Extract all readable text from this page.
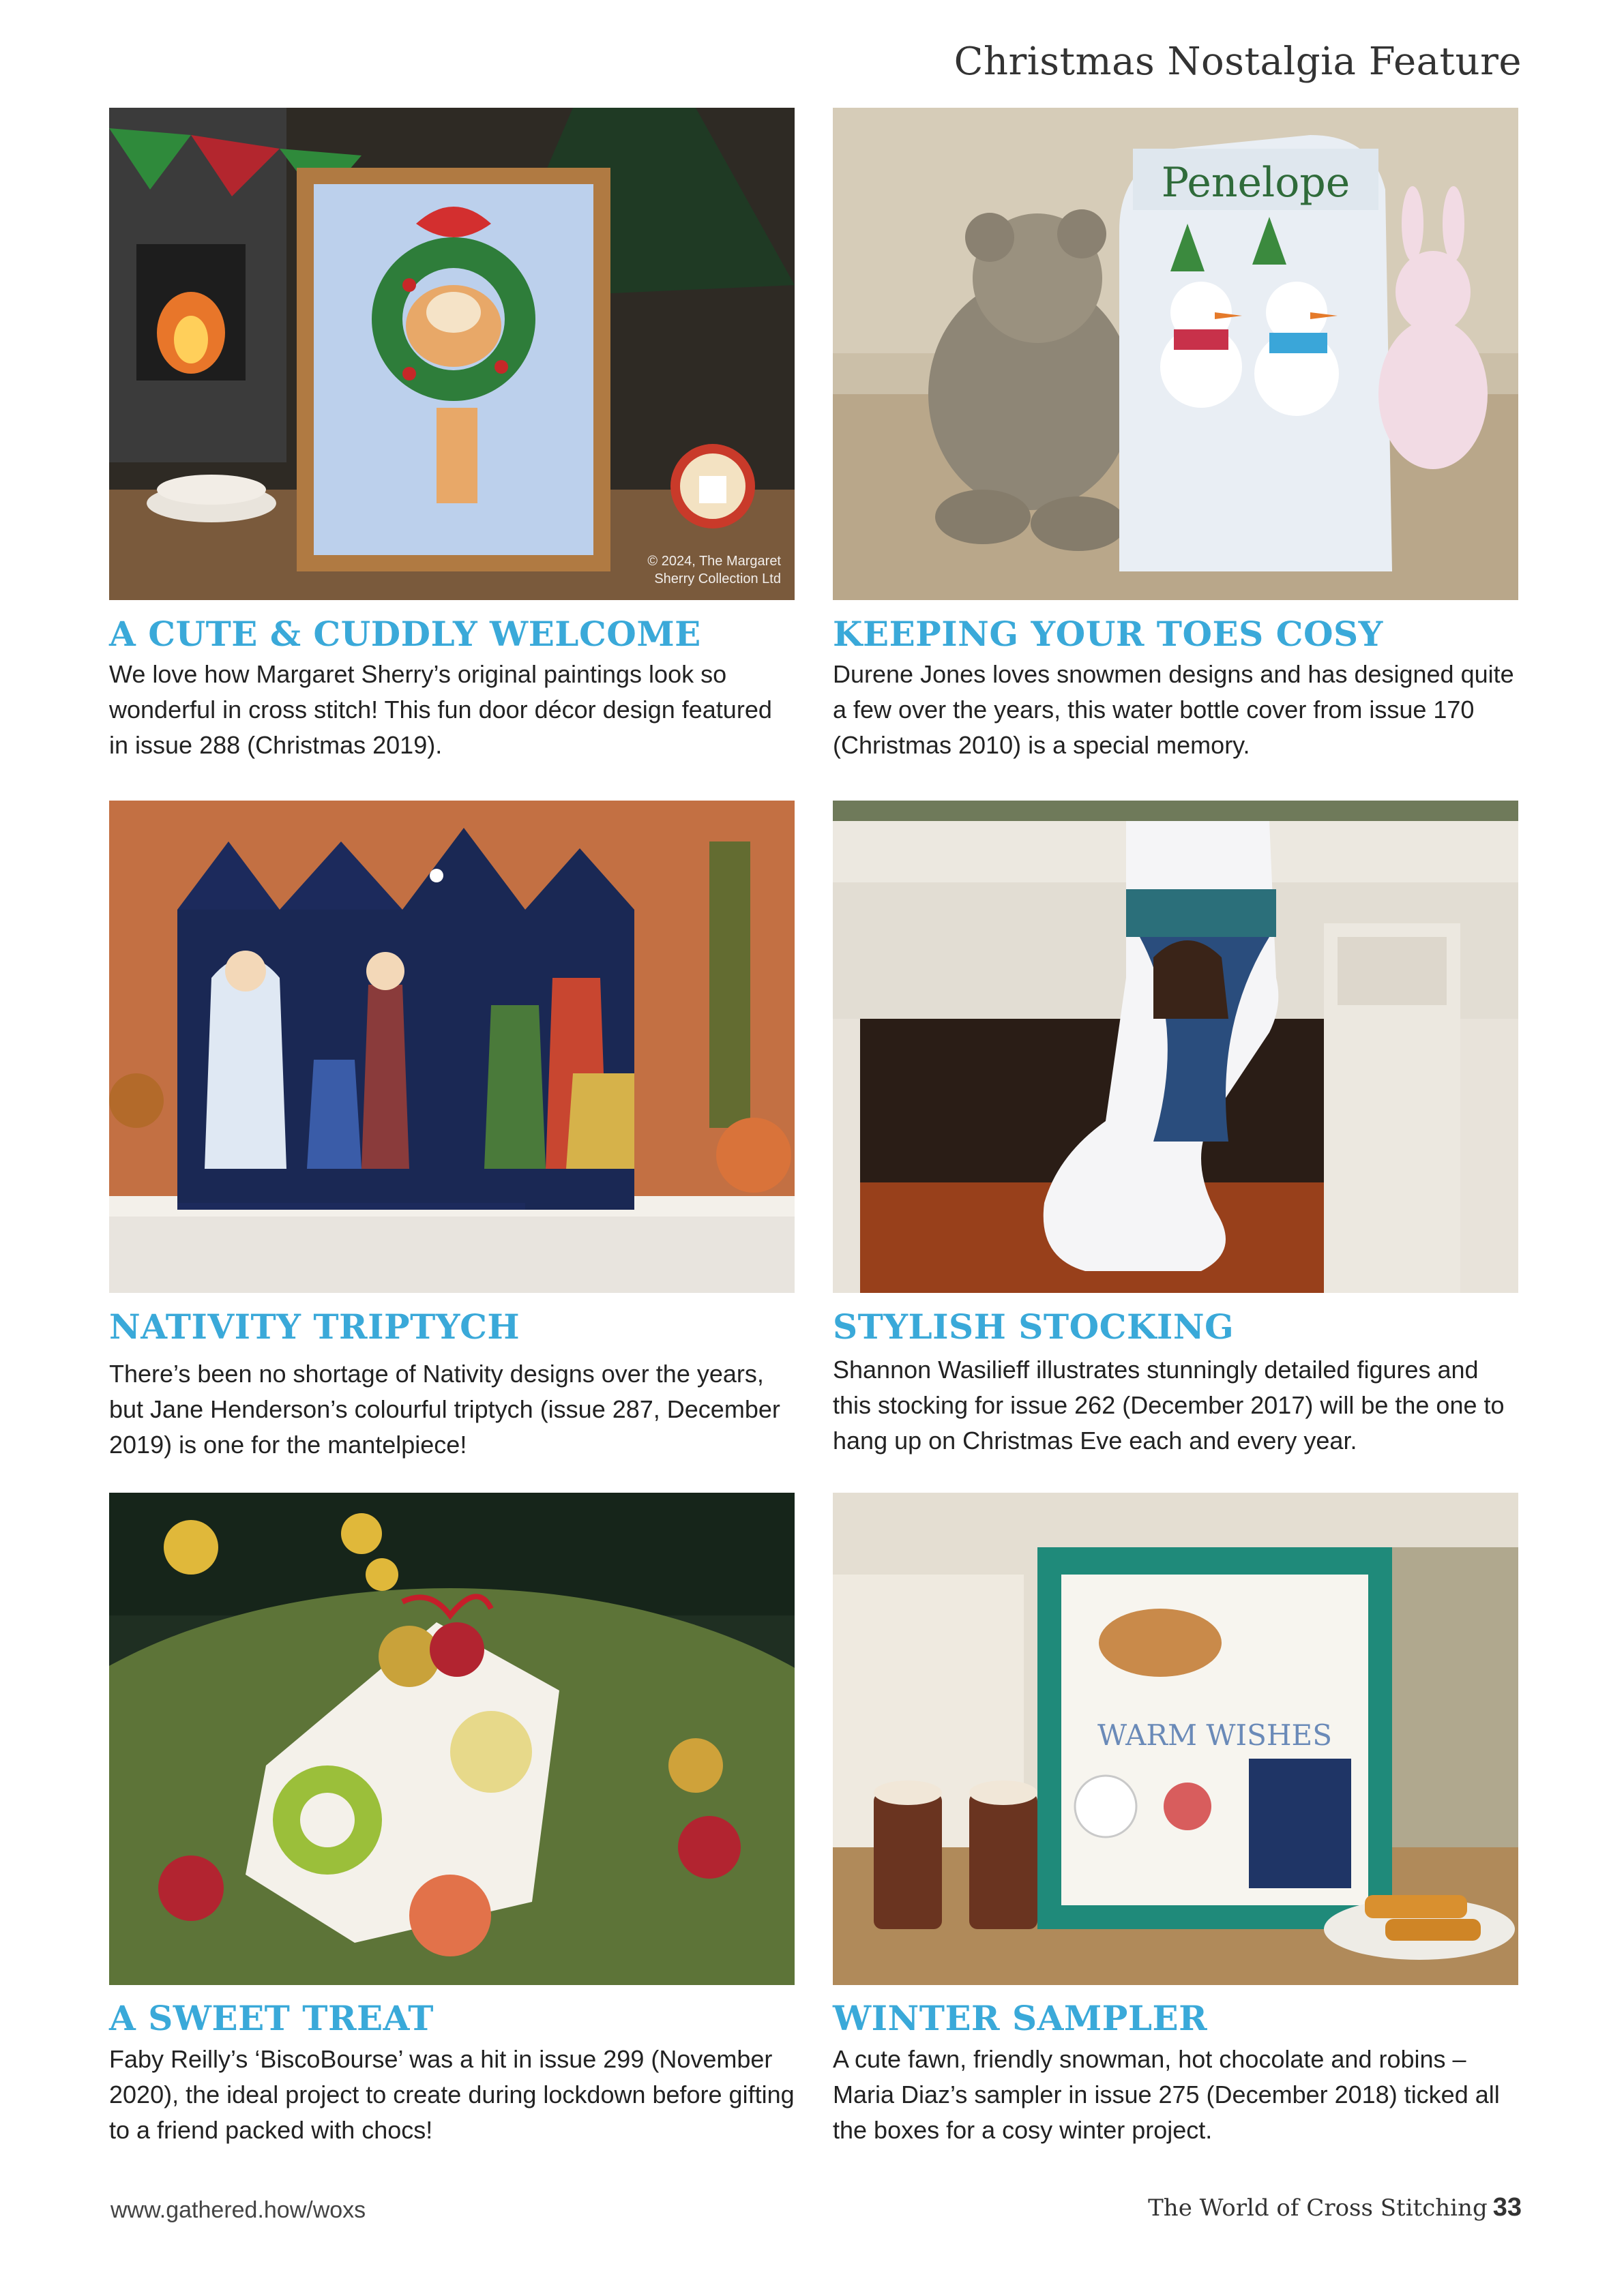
Christmas Nostalgia Feature
© 2024, The Margaret
Sherry Collection Ltd
A CUTE & CUDDLY WELCOME
We love how Margaret Sherry’s original paintings look so wonderful in cross stitch! This fun door décor design featured in issue 288 (Christmas 2019).
Penelope
KEEPING YOUR TOES COSY
Durene Jones loves snowmen designs and has designed quite a few over the years, this water bottle cover from issue 170 (Christmas 2010) is a special memory.
NATIVITY TRIPTYCH
There’s been no shortage of Nativity designs over the years, but Jane Henderson’s colourful triptych (issue 287, December 2019) is one for the mantelpiece!
STYLISH STOCKING
Shannon Wasilieff illustrates stunningly detailed figures and this stocking for issue 262 (December 2017) will be the one to hang up on Christmas Eve each and every year.
A SWEET TREAT
Faby Reilly’s ‘BiscoBourse’ was a hit in issue 299 (November 2020), the ideal project to create during lockdown before gifting to a friend packed with chocs!
WARM WISHES
WINTER SAMPLER
A cute fawn, friendly snowman, hot chocolate and robins – Maria Diaz’s sampler in issue 275 (December 2018) ticked all the boxes for a cosy winter project.
www.gathered.how/woxs	The World of Cross Stitching 33
